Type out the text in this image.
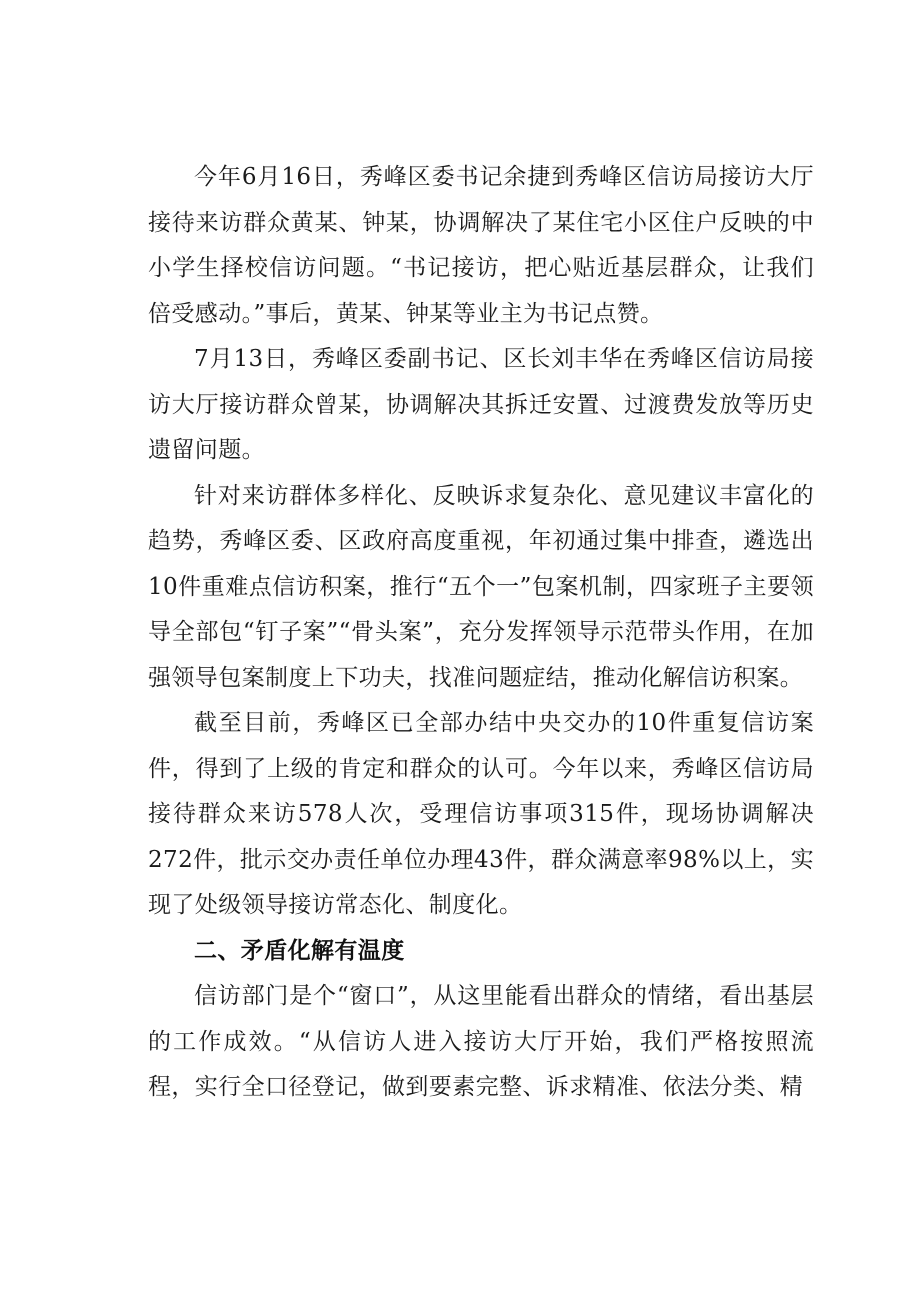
今年6月16日，秀峰区委书记余捷到秀峰区信访局接访大厅接待来访群众黄某、钟某，协调解决了某住宅小区住户反映的中小学生择校信访问题。“书记接访，把心贴近基层群众，让我们倍受感动。”事后，黄某、钟某等业主为书记点赞。

7月13日，秀峰区委副书记、区长刘丰华在秀峰区信访局接访大厅接访群众曾某，协调解决其拆迁安置、过渡费发放等历史遗留问题。

针对来访群体多样化、反映诉求复杂化、意见建议丰富化的趋势，秀峰区委、区政府高度重视，年初通过集中排查，遴选出10件重难点信访积案，推行“五个一”包案机制，四家班子主要领导全部包“钉子案”“骨头案”，充分发挥领导示范带头作用，在加强领导包案制度上下功夫，找准问题症结，推动化解信访积案。

截至目前，秀峰区已全部办结中央交办的10件重复信访案件，得到了上级的肯定和群众的认可。今年以来，秀峰区信访局接待群众来访578人次，受理信访事项315件，现场协调解决272件，批示交办责任单位办理43件，群众满意率98%以上，实现了处级领导接访常态化、制度化。

二、矛盾化解有温度

信访部门是个“窗口”，从这里能看出群众的情绪，看出基层的工作成效。“从信访人进入接访大厅开始，我们严格按照流程，实行全口径登记，做到要素完整、诉求精准、依法分类、精
